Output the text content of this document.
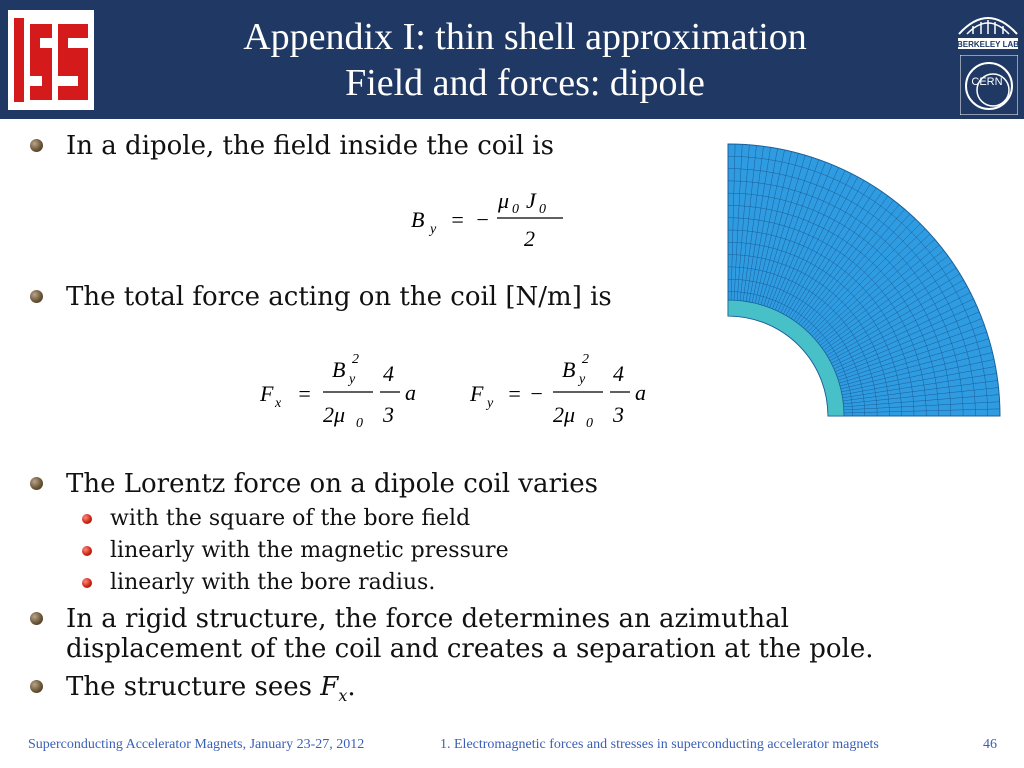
Appendix I: thin shell approximation
Field and forces: dipole
BERKELEY LAB
CERN
In a dipole, the field inside the coil is
B y = −
μ 0 J 0
2
The total force acting on the coil [N/m] is
F x =
B 2
y
2μ 0
4
3
a F y = −
B 2
y
2μ 0
4
3
a
The Lorentz force on a dipole coil varies
with the square of the bore field
linearly with the magnetic pressure
linearly with the bore radius.
In a rigid structure, the force determines an azimuthal
displacement of the coil and creates a separation at the pole.
The structure sees $F_x$.
Superconducting Accelerator Magnets, January 23-27, 2012	1. Electromagnetic forces and stresses in superconducting accelerator magnets	46
